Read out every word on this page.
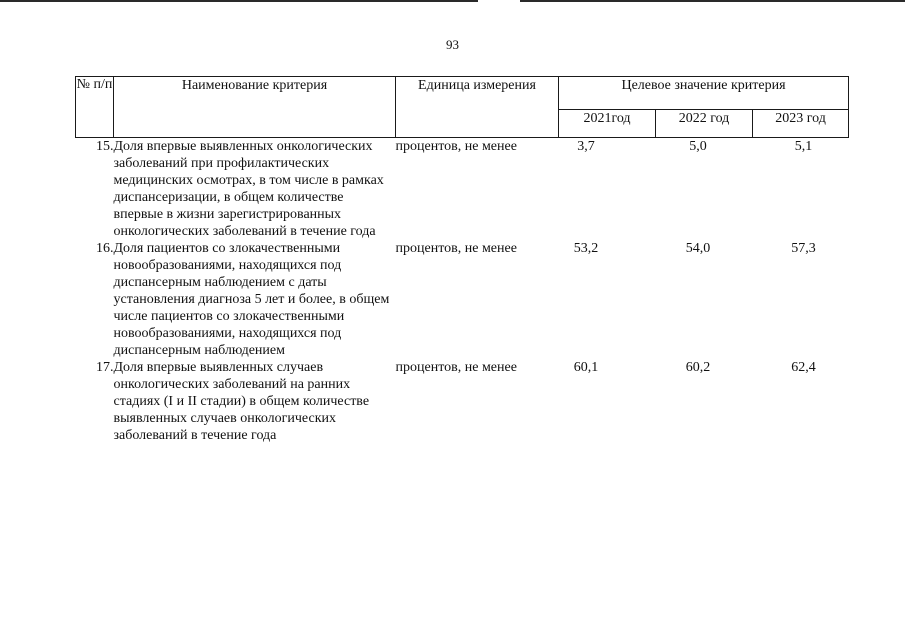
93
№ п/п	Наименование критерия	Единица измерения	Целевое значение критерия		
			2021год	2022 год	2023 год
15.	Доля впервые выявленных онкологических заболеваний при профилактических медицинских осмотрах, в том числе в рамках диспансеризации, в общем количестве впервые в жизни зарегистрированных онкологических заболеваний в течение года	процентов, не менее	3,7	5,0	5,1
16.	Доля пациентов со злокачественными новообразованиями, находящихся под диспансерным наблюдением с даты установления диагноза 5 лет и более, в общем числе пациентов со злокачественными новообразованиями, находящихся под диспансерным наблюдением	процентов, не менее	53,2	54,0	57,3
17.	Доля впервые выявленных случаев онкологических заболеваний на ранних стадиях (I и II стадии) в общем количестве выявленных случаев онкологических заболеваний в течение года	процентов, не менее	60,1	60,2	62,4
